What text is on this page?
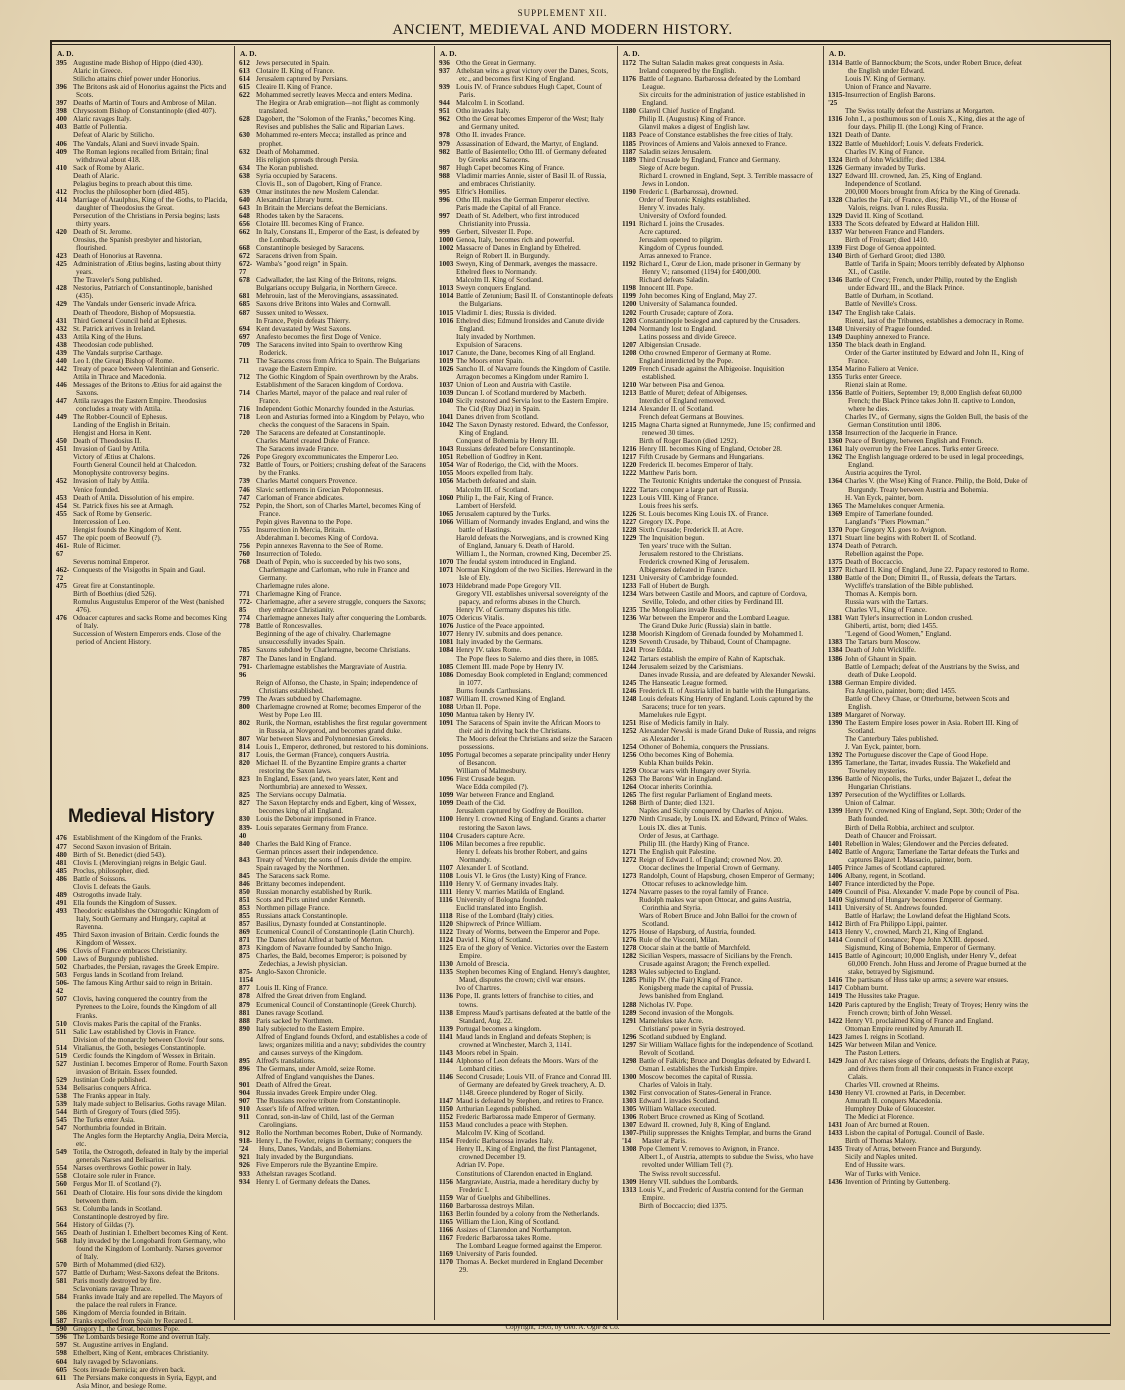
SUPPLEMENT XII.
ANCIENT, MEDIEVAL AND MODERN HISTORY.
A. D.
395 Augustine made Bishop of Hippo (died 430).
Alaric in Greece.
Stilicho attains chief power under Honorius.
396 The Britons ask aid of Honorius against the Picts and Scots.
397 Deaths of Martin of Tours and Ambrose of Milan.
398 Chrysostom Bishop of Constantinople (died 407).
400 Alaric ravages Italy.
403 Battle of Pollentia.
Defeat of Alaric by Stilicho.
406 The Vandals, Alani and Suevi invade Spain.
409 The Roman legions recalled from Britain; final withdrawal about 418.
410 Sack of Rome by Alaric.
Death of Alaric.
Pelagius begins to preach about this time.
412 Proclus the philosopher born (died 485).
414 Marriage of Ataulphus, King of the Goths, to Placida, daughter of Theodosius the Great.
Persecution of the Christians in Persia begins; lasts thirty years.
420 Death of St. Jerome.
Orosius, the Spanish presbyter and historian, flourished.
423 Death of Honorius at Ravenna.
425 Administration of Ætius begins, lasting about thirty years.
The Traveler's Song published.
428 Nestorius, Patriarch of Constantinople, banished (435).
429 The Vandals under Genseric invade Africa.
Death of Theodore, Bishop of Mopsuestia.
431 Third General Council held at Ephesus.
432 St. Patrick arrives in Ireland.
433 Attila King of the Huns.
438 Theodosian code published.
439 The Vandals surprise Carthage.
440 Leo I. (the Great) Bishop of Rome.
442 Treaty of peace between Valentinian and Genseric.
Attila in Thrace and Macedonia.
446 Messages of the Britons to Ætius for aid against the Saxons.
447 Attila ravages the Eastern Empire. Theodosius concludes a treaty with Attila.
449 The Robber-Council of Ephesus.
Landing of the English in Britain.
Hengist and Horsa in Kent.
450 Death of Theodosius II.
451 Invasion of Gaul by Attila.
Victory of Ætius at Chalons.
Fourth General Council held at Chalcedon.
Monophysite controversy begins.
452 Invasion of Italy by Attila.
Venice founded.
453 Death of Attila. Dissolution of his empire.
454 St. Patrick fixes his see at Armagh.
455 Sack of Rome by Genseric.
Intercession of Leo.
Hengist founds the Kingdom of Kent.
457 The epic poem of Beowulf (?).
461-67
Rule of Ricimer.
Severus nominal Emperor.
462-72
Conquests of the Visigoths in Spain and Gaul.
475 Great fire at Constantinople.
Birth of Boethius (died 526).
Romulus Augustulus Emperor of the West (banished 476).
476 Odoacer captures and sacks Rome and becomes King of Italy.
Succession of Western Emperors ends. Close of the period of Ancient History.
Medieval History
476 Establishment of the Kingdom of the Franks.
477 Second Saxon invasion of Britain.
480 Birth of St. Benedict (died 543).
481 Clovis I. (Merovingian) reigns in Belgic Gaul.
485 Proclus, philosopher, died.
486 Battle of Soissons.
Clovis I. defeats the Gauls.
489 Ostrogoths invade Italy.
491 Ella founds the Kingdom of Sussex.
493 Theodoric establishes the Ostrogothic Kingdom of Italy, South Germany and Hungary, capital at Ravenna.
495 Third Saxon invasion of Britain. Cerdic founds the Kingdom of Wessex.
496 Clovis of France embraces Christianity.
500 Laws of Burgundy published.
502 Charbades, the Persian, ravages the Greek Empire.
503 Fergus lands in Scotland from Ireland.
506-42
The famous King Arthur said to reign in Britain.
507 Clovis, having conquered the country from the Pyrenees to the Loire, founds the Kingdom of all Franks.
510 Clovis makes Paris the capital of the Franks.
511 Salic Law established by Clovis in France.
Division of the monarchy between Clovis' four sons.
514 Vitalianus, the Goth, besieges Constantinople.
519 Cerdic founds the Kingdom of Wessex in Britain.
527 Justinian I. becomes Emperor of Rome. Fourth Saxon invasion of Britain. Essex founded.
529 Justinian Code published.
534 Belisarius conquers Africa.
538 The Franks appear in Italy.
539 Italy made subject to Belisarius. Goths ravage Milan.
544 Birth of Gregory of Tours (died 595).
545 The Turks enter Asia.
547 Northumbria founded in Britain.
The Angles form the Heptarchy Anglia, Deira Mercia, etc.
549 Totila, the Ostrogoth, defeated in Italy by the imperial generals Narses and Belisarius.
554 Narses overthrows Gothic power in Italy.
558 Clotaire sole ruler in France.
560 Fergus Mor II. of Scotland (?).
561 Death of Clotaire. His four sons divide the kingdom between them.
563 St. Columba lands in Scotland.
Constantinople destroyed by fire.
564 History of Gildas (?).
565 Death of Justinian I. Ethelbert becomes King of Kent.
568 Italy invaded by the Longobardi from Germany, who found the Kingdom of Lombardy. Narses governor of Italy.
570 Birth of Mohammed (died 632).
577 Battle of Durham; West-Saxons defeat the Britons.
581 Paris mostly destroyed by fire.
Sclavonians ravage Thrace.
584 Franks invade Italy and are repelled. The Mayors of the palace the real rulers in France.
586 Kingdom of Mercia founded in Britain.
587 Franks expelled from Spain by Recared I.
590 Gregory I., the Great, becomes Pope.
596 The Lombards besiege Rome and overrun Italy.
597 St. Augustine arrives in England.
598 Ethelbert, King of Kent, embraces Christianity.
604 Italy ravaged by Sclavonians.
605 Scots invade Bernicia; are driven back.
611 The Persians make conquests in Syria, Egypt, and Asia Minor, and besiege Rome.
A. D.
612 Jews persecuted in Spain.
613 Clotaire II. King of France.
614 Jerusalem captured by Persians.
615 Cleaire II. King of France.
622 Mohammed secretly leaves Mecca and enters Medina.
The Hegira or Arab emigration—not flight as commonly translated.
628 Dagobert, the "Solomon of the Franks," becomes King.
Revises and publishes the Salic and Riparian Laws.
630 Mohammed re-enters Mecca; installed as prince and prophet.
632 Death of Mohammed.
His religion spreads through Persia.
634 The Koran published.
638 Syria occupied by Saracens.
Clovis II., son of Dagobert, King of France.
639 Omar institutes the new Moslem Calendar.
640 Alexandrian Library burnt.
643 In Britain the Mercians defeat the Bernicians.
648 Rhodes taken by the Saracens.
656 Clotaire III. becomes King of France.
662 In Italy, Constans II., Emperor of the East, is defeated by the Lombards.
668 Constantinople besieged by Saracens.
672 Saracens driven from Spain.
672-77
Wamba's "good reign" in Spain.
678 Cadwallader, the last King of the Britons, reigns.
Bulgarians occupy Bulgaria, in Northern Greece.
681 Mehrouin, last of the Merovingians, assassinated.
685 Saxons drive Britons into Wales and Cornwall.
687 Sussex united to Wessex.
In France, Pepin defeats Thierry.
694 Kent devastated by West Saxons.
697 Anafesto becomes the first Doge of Venice.
709 The Saracens invited into Spain to overthrow King Roderick.
711 The Saracens cross from Africa to Spain. The Bulgarians ravage the Eastern Empire.
712 The Gothic Kingdom of Spain overthrown by the Arabs.
Establishment of the Saracen kingdom of Cordova.
714 Charles Martel, mayor of the palace and real ruler of France.
716 Independent Gothic Monarchy founded in the Asturias.
718 Leon and Asturias formed into a Kingdom by Pelayo, who checks the conquest of the Saracens in Spain.
720 The Saracens are defeated at Constantinople.
Charles Martel created Duke of France.
The Saracens invade France.
726 Pope Gregory excommunicates the Emperor Leo.
732 Battle of Tours, or Poitiers; crushing defeat of the Saracens by the Franks.
739 Charles Martel conquers Provence.
746 Slavic settlements in Grecian Peloponnesus.
747 Carloman of France abdicates.
752 Pepin, the Short, son of Charles Martel, becomes King of France.
Pepin gives Ravenna to the Pope.
755 Insurrection in Mercia, Britain.
Abderahman I. becomes King of Cordova.
756 Pepin annexes Ravenna to the See of Rome.
760 Insurrection of Toledo.
768 Death of Pepin, who is succeeded by his two sons, Charlemagne and Carloman, who rule in France and Germany.
Charlemagne rules alone.
771 Charlemagne King of France.
772-85
Charlemagne, after a severe struggle, conquers the Saxons; they embrace Christianity.
774 Charlemagne annexes Italy after conquering the Lombards.
778 Battle of Roncesvalles.
Beginning of the age of chivalry. Charlemagne unsuccessfully invades Spain.
785 Saxons subdued by Charlemagne, become Christians.
787 The Danes land in England.
791-96
Charlemagne establishes the Margraviate of Austria.
Reign of Alfonso, the Chaste, in Spain; independence of Christians established.
799 The Avars subdued by Charlemagne.
800 Charlemagne crowned at Rome; becomes Emperor of the West by Pope Leo III.
802 Rurik, the Norman, establishes the first regular government in Russia, at Novgorod, and becomes grand duke.
807 War between Slavs and Polynonnesian Greeks.
814 Louis I., Emperor, dethroned, but restored to his dominions.
817 Louis, the German (France), conquers Austria.
820 Michael II. of the Byzantine Empire grants a charter restoring the Saxon laws.
823 In England, Essex (and, two years later, Kent and Northumbria) are annexed to Wessex.
825 The Servians occupy Dalmatia.
827 The Saxon Heptarchy ends and Egbert, king of Wessex, becomes king of all England.
830 Louis the Debonair imprisoned in France.
839-40
Louis separates Germany from France.
840 Charles the Bald King of France.
German princes assert their independence.
843 Treaty of Verdun; the sons of Louis divide the empire.
Spain ravaged by the Northmen.
845 The Saracens sack Rome.
846 Brittany becomes independent.
850 Russian monarchy established by Rurik.
851 Scots and Picts united under Kenneth.
853 Northmen pillage France.
855 Russians attack Constantinople.
857 Basilius, Dynasty founded at Constantinople.
869 Ecumenical Council of Constantinople (Latin Church).
871 The Danes defeat Alfred at battle of Merton.
873 Kingdom of Navarre founded by Sancho Inigo.
875 Charles, the Bald, becomes Emperor; is poisoned by Zedechias, a Jewish physician.
875-1154
Anglo-Saxon Chronicle.
877 Louis II. King of France.
878 Alfred the Great driven from England.
879 Ecumenical Council of Constantinople (Greek Church).
881 Danes ravage Scotland.
888 Paris sacked by Northmen.
890 Italy subjected to the Eastern Empire.
Alfred of England founds Oxford, and establishes a code of laws; organizes militia and a navy; subdivides the country and causes surveys of the Kingdom.
895 Alfred's translations.
896 The Germans, under Arnold, seize Rome.
Alfred of England vanquishes the Danes.
901 Death of Alfred the Great.
904 Russia invades Greek Empire under Oleg.
907 The Russians receive tribute from Constantinople.
910 Asser's life of Alfred written.
911 Conrad, son-in-law of Child, last of the German Carolingians.
912 Rollo the Northman becomes Robert, Duke of Normandy.
918-'24
Henry I., the Fowler, reigns in Germany; conquers the Huns, Danes, Vandals, and Bohemians.
921 Italy invaded by the Burgundians.
926 Five Emperors rule the Byzantine Empire.
933 Athelstan ravages Scotland.
934 Henry I. of Germany defeats the Danes.
A. D.
936 Otho the Great in Germany.
937 Athelstan wins a great victory over the Danes, Scots, etc., and becomes first King of England.
939 Louis IV. of France subdues Hugh Capet, Count of Paris.
944 Malcolm I. in Scotland.
951 Otho invades Italy.
962 Otho the Great becomes Emperor of the West; Italy and Germany united.
978 Otho II. invades France.
979 Assassination of Edward, the Martyr, of England.
982 Battle of Basientello; Otho III. of Germany defeated by Greeks and Saracens.
987 Hugh Capet becomes King of France.
988 Vladimir marries Annie, sister of Basil II. of Russia, and embraces Christianity.
995 Elfric's Homilies.
996 Otho III. makes the German Emperor elective.
Paris made the Capital of all France.
997 Death of St. Adelbert, who first introduced Christianity into Prussia.
999 Gerbert, Silvester II. Pope.
1000 Genoa, Italy, becomes rich and powerful.
1002 Massacre of Danes in England by Ethelred.
Reign of Robert II. in Burgundy.
1003 Sweyn, King of Denmark, avenges the massacre.
Ethelred flees to Normandy.
Malcolm II. King of Scotland.
1013 Sweyn conquers England.
1014 Battle of Zetunium; Basil II. of Constantinople defeats the Bulgarians.
1015 Vladimir I. dies; Russia is divided.
1016 Ethelred dies; Edmund Ironsides and Canute divide England.
Italy invaded by Northmen.
Expulsion of Saracens.
1017 Canute, the Dane, becomes King of all England.
1019 The Moors enter Spain.
1026 Sancho II. of Navarre founds the Kingdom of Castile.
Arragon becomes a Kingdom under Ramiro I.
1037 Union of Leon and Austria with Castile.
1039 Duncan I. of Scotland murdered by Macbeth.
1040 Sicily restored and Servia lost to the Eastern Empire.
The Cid (Ruy Diaz) in Spain.
1041 Danes driven from Scotland.
1042 The Saxon Dynasty restored. Edward, the Confessor, King of England.
Conquest of Bohemia by Henry III.
1043 Russians defeated before Constantinople.
1051 Rebellion of Godfrey in Kent.
1054 War of Roderigo, the Cid, with the Moors.
1055 Moors expelled from Italy.
1056 Macbeth defeated and slain.
Malcolm III. of Scotland.
1060 Philip I., the Fair, King of France.
Lambert of Hersfeld.
1065 Jerusalem captured by the Turks.
1066 William of Normandy invades England, and wins the battle of Hastings.
Harold defeats the Norwegians, and is crowned King of England, January 6. Death of Harold.
William I., the Norman, crowned King, December 25.
1070 The feudal system introduced in England.
1071 Norman Kingdom of the two Sicilies. Hereward in the Isle of Ely.
1073 Hildebrand made Pope Gregory VII.
Gregory VII. establishes universal sovereignty of the papacy, and reforms abuses in the Church.
Henry IV. of Germany disputes his title.
1075 Odericus Vitalis.
1076 Justice of the Peace appointed.
1077 Henry IV. submits and does penance.
1081 Italy invaded by the Germans.
1084 Henry IV. takes Rome.
The Pope flees to Salerno and dies there, in 1085.
1085 Clement III. made Pope by Henry IV.
1086 Domesday Book completed in England; commenced in 1077.
Burns founds Carthusians.
1087 William II. crowned King of England.
1088 Urban II. Pope.
1090 Mantua taken by Henry IV.
1091 The Saracens of Spain invite the African Moors to their aid in driving back the Christians.
The Moors defeat the Christians and seize the Saracen possessions.
1095 Portugal becomes a separate principality under Henry of Besancon.
William of Malmesbury.
1096 First Crusade begun.
Wace Edda compiled (?).
1099 War between France and England.
1099 Death of the Cid.
Jerusalem captured by Godfrey de Bouillon.
1100 Henry I. crowned King of England. Grants a charter restoring the Saxon laws.
1104 Crusaders capture Acre.
1106 Milan becomes a free republic.
Henry I. defeats his brother Robert, and gains Normandy.
1107 Alexander I. of Scotland.
1108 Louis VI. le Gros (the Lusty) King of France.
1110 Henry V. of Germany invades Italy.
1111 Henry V. marries Matilda of England.
1116 University of Bologna founded.
Euclid translated into English.
1118 Rise of the Lombard (Italy) cities.
1120 Shipwreck of Prince William.
1122 Treaty of Worms, between the Emperor and Pope.
1124 David I. King of Scotland.
1125 Era of the glory of Venice. Victories over the Eastern Empire.
1130 Arnold of Brescia.
1135 Stephen becomes King of England. Henry's daughter, Maud, disputes the crown; civil war ensues.
Ivo of Chartres.
1136 Pope, II. grants letters of franchise to cities, and towns.
1138 Empress Maud's partisans defeated at the battle of the Standard, Aug. 22.
1139 Portugal becomes a kingdom.
1141 Maud lands in England and defeats Stephen; is crowned at Winchester, March 3, 1141.
1143 Moors rebel in Spain.
1144 Alphonso of Leon defeats the Moors. Wars of the Lombard cities.
1146 Second Crusade; Louis VII. of France and Conrad III. of Germany are defeated by Greek treachery, A. D. 1148. Greece plundered by Roger of Sicily.
1147 Maud is defeated by Stephen, and retires to France.
1150 Arthurian Legends published.
1152 Frederic Barbarossa made Emperor of Germany.
1153 Maud concludes a peace with Stephen.
Malcolm IV. King of Scotland.
1154 Frederic Barbarossa invades Italy.
Henry II., King of England, the first Plantagenet, crowned December 19.
Adrian IV. Pope.
Constitutions of Clarendon enacted in England.
1156 Margraviate, Austria, made a hereditary duchy by Frederic I.
1159 War of Guelphs and Ghibellines.
1160 Barbarossa destroys Milan.
1163 Berlin founded by a colony from the Netherlands.
1165 William the Lion, King of Scotland.
1166 Assizes of Clarendon and Northampton.
1167 Frederic Barbarossa takes Rome.
The Lombard League formed against the Emperor.
1169 University of Paris founded.
1170 Thomas A. Becket murdered in England December 29.
A. D.
1172 The Sultan Saladin makes great conquests in Asia.
Ireland conquered by the English.
1176 Battle of Legnano. Barbarossa defeated by the Lombard League.
Six circuits for the administration of justice established in England.
1180 Glanvil Chief Justice of England.
Philip II. (Augustus) King of France.
Glanvil makes a digest of English law.
1183 Peace of Constance establishes the free cities of Italy.
1185 Provinces of Amiens and Valois annexed to France.
1187 Saladin seizes Jerusalem.
1189 Third Crusade by England, France and Germany.
Siege of Acre begun.
Richard I. crowned in England, Sept. 3. Terrible massacre of Jews in London.
1190 Frederic I. (Barbarossa), drowned.
Order of Teutonic Knights established.
Henry V. invades Italy.
University of Oxford founded.
1191 Richard I. joins the Crusades.
Acre captured.
Jerusalem opened to pilgrim.
Kingdom of Cyprus founded.
Arras annexed to France.
1192 Richard I., Cœur de Lion, made prisoner in Germany by Henry V.; ransomed (1194) for £400,000.
Richard defeats Saladin.
1198 Innocent III. Pope.
1199 John becomes King of England, May 27.
1200 University of Salamanca founded.
1202 Fourth Crusade; capture of Zora.
1203 Constantinople besieged and captured by the Crusaders.
1204 Normandy lost to England.
Latins possess and divide Greece.
1207 Albigensian Crusade.
1208 Otho crowned Emperor of Germany at Rome.
England interdicted by the Pope.
1209 French Crusade against the Albigeoise. Inquisition established.
1210 War between Pisa and Genoa.
1213 Battle of Muret; defeat of Albigenses.
Interdict of England removed.
1214 Alexander II. of Scotland.
French defeat Germans at Bouvines.
1215 Magna Charta signed at Runnymede, June 15; confirmed and renewed 30 times.
Birth of Roger Bacon (died 1292).
1216 Henry III. becomes King of England, October 28.
1217 Fifth Crusade by Germans and Hungarians.
1220 Frederick II. becomes Emperor of Italy.
1222 Matthew Paris born.
The Teutonic Knights undertake the conquest of Prussia.
1222 Tartars conquer a large part of Russia.
1223 Louis VIII. King of France.
Louis frees his serfs.
1226 St. Louis becomes King Louis IX. of France.
1227 Gregory IX. Pope.
1228 Sixth Crusade; Frederick II. at Acre.
1229 The Inquisition begun.
Ten years' truce with the Sultan.
Jerusalem restored to the Christians.
Frederick crowned King of Jerusalem.
Albigenses defeated in France.
1231 University of Cambridge founded.
1233 Fall of Hubert de Burgh.
1234 Wars between Castile and Moors, and capture of Cordova, Seville, Toledo, and other cities by Ferdinand III.
1235 The Mongolians invade Russia.
1236 War between the Emperor and the Lombard League.
The Grand Duke Juric (Russia) slain in battle.
1238 Moorish Kingdom of Grenada founded by Mohammed I.
1239 Seventh Crusade, by Thibaud, Count of Champagne.
1241 Prose Edda.
1242 Tartars establish the empire of Kahn of Kaptschak.
1244 Jerusalem seized by the Carismians.
Danes invade Russia, and are defeated by Alexander Newski.
1245 The Hanseatic League formed.
1246 Frederick II. of Austria killed in battle with the Hungarians.
1248 Louis defeats King Henry of England. Louis captured by the Saracens; truce for ten years.
Mamelukes rule Egypt.
1251 Rise of Medicis family in Italy.
1252 Alexander Newski is made Grand Duke of Russia, and reigns as Alexander I.
1254 Othoner of Bohemia, conquers the Prussians.
1256 Otho becomes King of Bohemia.
Kubla Khan builds Pekin.
1259 Otocar wars with Hungary over Styria.
1263 The Barons' War in England.
1264 Otocar inherits Corinthia.
1265 The first regular Parliament of England meets.
1268 Birth of Dante; died 1321.
Naples and Sicily conquered by Charles of Anjou.
1270 Ninth Crusade, by Louis IX. and Edward, Prince of Wales.
Louis IX. dies at Tunis.
Order of Jesus, at Carthage.
Philip III. (the Hardy) King of France.
1271 The English quit Palestine.
1272 Reign of Edward I. of England; crowned Nov. 20.
Otocar declines the Imperial Crown of Germany.
1273 Randolph, Count of Hapsburg, chosen Emperor of Germany; Ottocar refuses to acknowledge him.
1274 Navarre passes to the royal family of France.
Rudolph makes war upon Ottocar, and gains Austria, Corinthia and Styria.
Wars of Robert Bruce and John Balloi for the crown of Scotland.
1275 House of Hapsburg, of Austria, founded.
1276 Rule of the Visconti, Milan.
1278 Otocar slain at the battle of Marchfeld.
1282 Sicilian Vespers, massacre of Sicilians by the French.
Crusade against Aragon; the French expelled.
1283 Wales subjected to England.
1285 Philip IV. (the Fair) King of France.
Konigsberg made the capital of Prussia.
Jews banished from England.
1288 Nicholas IV. Pope.
1289 Second invasion of the Mongols.
1291 Mamelukes take Acre.
Christians' power in Syria destroyed.
1296 Scotland subdued by England.
1297 Sir William Wallace fights for the independence of Scotland.
Revolt of Scotland.
1298 Battle of Falkirk; Bruce and Douglas defeated by Edward I.
Osman I. establishes the Turkish Empire.
1300 Moscow becomes the capital of Russia.
Charles of Valois in Italy.
1302 First convocation of States-General in France.
1303 Edward I. invades Scotland.
1305 William Wallace executed.
1306 Robert Bruce crowned as King of Scotland.
1307 Edward II. crowned, July 8, King of England.
1307-'14
Philip suppresses the Knights Templar, and burns the Grand Master at Paris.
1308 Pope Clement V. removes to Avignon, in France.
Albert I., of Austria, attempts to subdue the Swiss, who have revolted under William Tell (?).
The Swiss revolt successful.
1309 Henry VII. subdues the Lombards.
1313 Louis V., and Frederic of Austria contend for the German Empire.
Birth of Boccaccio; died 1375.
A. D.
1314 Battle of Bannockburn; the Scots, under Robert Bruce, defeat the English under Edward.
Louis IV. King of Germany.
Union of France and Navarre.
1315-'25
Insurrection of English Barons.
The Swiss totally defeat the Austrians at Morgarten.
1316 John I., a posthumous son of Louis X., King, dies at the age of four days. Philip II. (the Long) King of France.
1321 Death of Dante.
1322 Battle of Muehldorf; Louis V. defeats Frederick.
Charles IV. King of France.
1324 Birth of John Wickliffe; died 1384.
1326 Germany invaded by Turks.
1327 Edward III. crowned, Jan. 25, King of England.
Independence of Scotland.
200,000 Moors brought from Africa by the King of Grenada.
1328 Charles the Fair, of France, dies; Philip VI., of the House of Valois, reigns. Ivan I. rules Russia.
1329 David II. King of Scotland.
1333 The Scots defeated by Edward at Halidon Hill.
1337 War between France and Flanders.
Birth of Froissart; died 1410.
1339 First Doge of Genoa appointed.
1340 Birth of Gerhard Groot; died 1380.
Battle of Tarifa in Spain; Moors terribly defeated by Alphonso XI., of Castile.
1346 Battle of Crecy; French, under Philip, routed by the English under Edward III., and the Black Prince.
Battle of Durham, in Scotland.
Battle of Neville's Cross.
1347 The English take Calais.
Rienzi, last of the Tribunes, establishes a democracy in Rome.
1348 University of Prague founded.
1349 Dauphiny annexed to France.
1350 The black death in England.
Order of the Garter instituted by Edward and John II., King of France.
1354 Marino Faliero at Venice.
1355 Turks enter Greece.
Rienzi slain at Rome.
1356 Battle of Poitiers, September 19; 8,000 English defeat 60,000 French; the Black Prince takes John II. captive to London, where he dies.
Charles IV., of Germany, signs the Golden Bull, the basis of the German Constitution until 1806.
1358 Insurrection of the Jacquerie in France.
1360 Peace of Bretigny, between English and French.
1361 Italy overrun by the Free Lances. Turks enter Greece.
1362 The English language ordered to be used in legal proceedings, England.
Austria acquires the Tyrol.
1364 Charles V. (the Wise) King of France. Philip, the Bold, Duke of Burgundy. Treaty between Austria and Bohemia.
H. Van Eyck, painter, born.
1365 The Mamelukes conquer Armenia.
1369 Empire of Tamerlane founded.
Langland's "Piers Plowman."
1370 Pope Gregory XI. goes to Avignon.
1371 Stuart line begins with Robert II. of Scotland.
1374 Death of Petrarch.
Rebellion against the Pope.
1375 Death of Boccaccio.
1377 Richard II. King of England, June 22. Papacy restored to Rome.
1380 Battle of the Don; Dimitri II., of Russia, defeats the Tartars.
Wycliffe's translation of the Bible published.
Thomas A. Kempis born.
Russia wars with the Tartars.
Charles VI., King of France.
1381 Watt Tyler's insurrection in London crushed.
Ghiberti, artist, born; died 1455.
"Legend of Good Women," England.
1383 The Tartars burn Moscow.
1384 Death of John Wickliffe.
1386 John of Ghaunt in Spain.
Battle of Lempach; defeat of the Austrians by the Swiss, and death of Duke Leopold.
1388 German Empire divided.
Fra Angelico, painter, born; died 1455.
Battle of Chevy Chase, or Otterburne, between Scots and English.
1389 Margaret of Norway.
1390 The Eastern Empire loses power in Asia. Robert III. King of Scotland.
The Canterbury Tales published.
J. Van Eyck, painter, born.
1392 The Portuguese discover the Cape of Good Hope.
1395 Tamerlane, the Tartar, invades Russia. The Wakefield and Towneley mysteries.
1396 Battle of Nicopolis, the Turks, under Bajazet I., defeat the Hungarian Christians.
1397 Persecution of the Wycliffites or Lollards.
Union of Calmar.
1399 Henry IV. crowned King of England, Sept. 30th; Order of the Bath founded.
Birth of Della Robbia, architect and sculptor.
Death of Chaucer and Froissart.
1401 Rebellion in Wales; Glendower and the Percies defeated.
1402 Battle of Angora; Tamerlane the Tartar defeats the Turks and captures Bajazet I. Massacio, painter, born.
1405 Prince James of Scotland captured.
1406 Albany, regent, in Scotland.
1407 France interdicted by the Pope.
1409 Council of Pisa. Alexander V. made Pope by council of Pisa.
1410 Sigismund of Hungary becomes Emperor of Germany.
1411 University of St. Andrews founded.
Battle of Harlaw; the Lowland defeat the Highland Scots.
1412 Birth of Fra Philippo Lippi, painter.
1413 Henry V., crowned, March 21, King of England.
1414 Council of Constance; Pope John XXIII. deposed.
Sigismund, King of Bohemia, Emperor of Germany.
1415 Battle of Agincourt; 10,000 English, under Henry V., defeat 60,000 French. John Huss and Jerome of Prague burned at the stake, betrayed by Sigismund.
1416 The partisans of Huss take up arms; a severe war ensues.
1417 Cobham burnt.
1419 The Hussites take Prague.
1420 Paris captured by the English; Treaty of Troyes; Henry wins the French crown; birth of John Wessel.
1422 Henry VI. proclaimed King of France and England.
Ottoman Empire reunited by Amurath II.
1423 James I. reigns in Scotland.
1425 War between Milan and Venice.
The Paston Letters.
1429 Joan of Arc raises siege of Orleans, defeats the English at Patay, and drives them from all their conquests in France except Calais.
Charles VII. crowned at Rheims.
1430 Henry VI. crowned at Paris, in December.
Amurath II. conquers Macedonia.
Humphrey Duke of Gloucester.
The Medici at Florence.
1431 Joan of Arc burned at Rouen.
1433 Lisbon the capital of Portugal. Council of Basle.
Birth of Thomas Malory.
1435 Treaty of Arras, between France and Burgundy.
Sicily and Naples united.
End of Hussite wars.
War of Turks with Venice.
1436 Invention of Printing by Guttenberg.
Copyright, 1905, by Geo. A. Ogle & Co.
